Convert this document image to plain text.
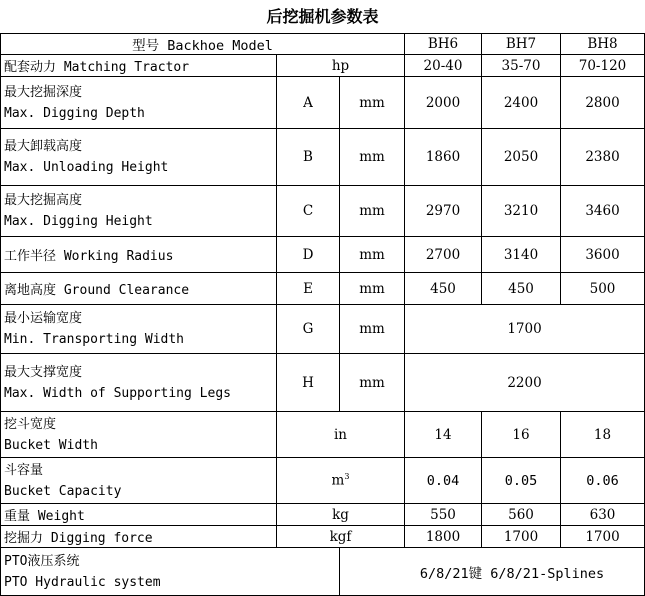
后挖掘机参数表
型号 Backhoe Model			BH6	BH7	BH8
配套动力 Matching Tractor	hp		20-40	35-70	70-120

最大挖掘深度
Max. Digging Depth	A	mm	2000	2400	2800

最大卸载高度
Max. Unloading Height	B	mm	1860	2050	2380

最大挖掘高度
Max. Digging Height	C	mm	2970	3210	3460
工作半径 Working Radius	D	mm	2700	3140	3600
离地高度 Ground Clearance	E	mm	450	450	500

最小运输宽度
Min. Transporting Width	G	mm	1700		

最大支撑宽度
Max. Width of Supporting Legs	H	mm	2200		

挖斗宽度
Bucket Width	in		14	16	18

斗容量
Bucket Capacity	$m^3$		0.04	0.05	0.06
重量 Weight	kg		550	560	630
挖掘力 Digging force	kgf		1800	1700	1700

PTO液压系统
PTO Hydraulic system		6/8/21键 6/8/21-Splines			
